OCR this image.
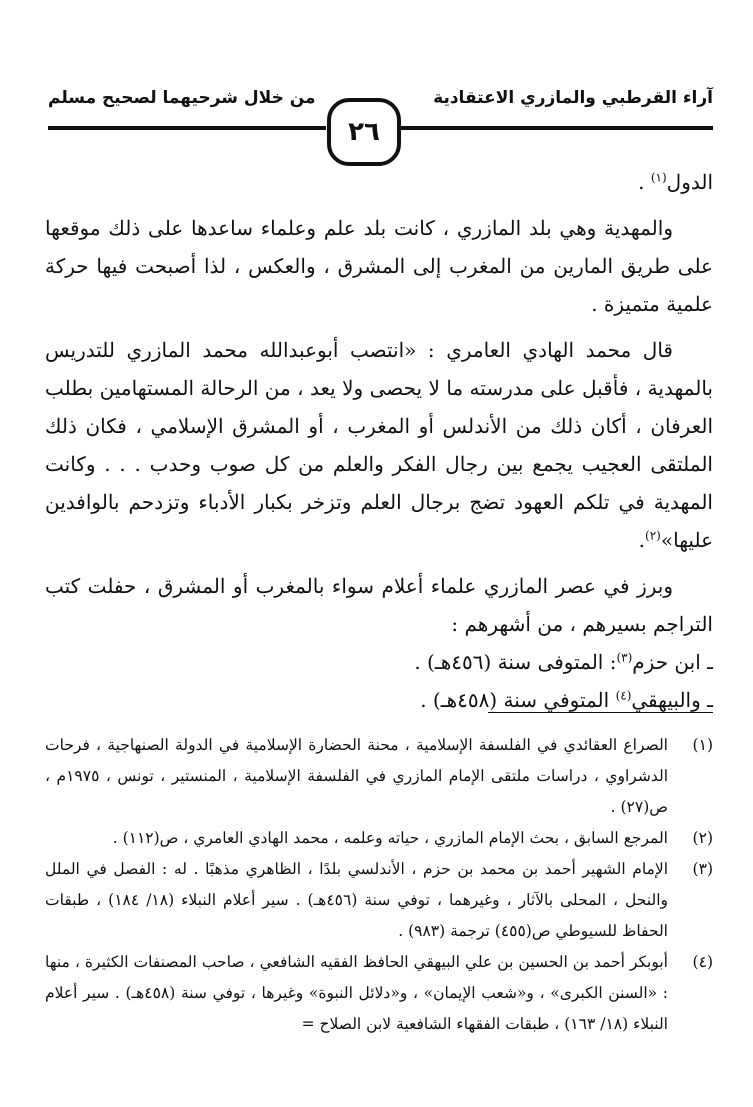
آراء القرطبي والمازري الاعتقادية
من خلال شرحيهما لصحيح مسلم
٢٦

الدول$^{(١)}$ .

والمهدية وهي بلد المازري ، كانت بلد علم وعلماء ساعدها على ذلك موقعها على طريق المارين من المغرب إلى المشرق ، والعكس ، لذا أصبحت فيها حركة علمية متميزة .

قال محمد الهادي العامري : «انتصب أبوعبدالله محمد المازري للتدريس بالمهدية ، فأقبل على مدرسته ما لا يحصى ولا يعد ، من الرحالة المستهامين بطلب العرفان ، أكان ذلك من الأندلس أو المغرب ، أو المشرق الإسلامي ، فكان ذلك الملتقى العجيب يجمع بين رجال الفكر والعلم من كل صوب وحدب . . . وكانت المهدية في تلكم العهود تضج برجال العلم وتزخر بكبار الأدباء وتزدحم بالوافدين عليها»$^{(٢)}$.

وبرز في عصر المازري علماء أعلام سواء بالمغرب أو المشرق ، حفلت كتب التراجم بسيرهم ، من أشهرهم :

ـ ابن حزم$^{(٣)}$: المتوفى سنة (٤٥٦هـ) .

ـ والبيهقي$^{(٤)}$ المتوفي سنة (٤٥٨هـ) .

(١)
الصراع العقائدي في الفلسفة الإسلامية ، محنة الحضارة الإسلامية في الدولة الصنهاجية ، فرحات الدشراوي ، دراسات ملتقى الإمام المازري في الفلسفة الإسلامية ، المنستير ، تونس ، ١٩٧٥م ، ص(٢٧) .

(٢)
المرجع السابق ، بحث الإمام المازري ، حياته وعلمه ، محمد الهادي العامري ، ص(١١٢) .

(٣)
الإمام الشهير أحمد بن محمد بن حزم ، الأندلسي بلدًا ، الظاهري مذهبًا . له : الفصل في الملل والنحل ، المحلى بالآثار ، وغيرهما ، توفي سنة (٤٥٦هـ) . سير أعلام النبلاء (١٨/ ١٨٤) ، طبقات الحفاظ للسيوطي ص(٤٥٥) ترجمة (٩٨٣) .

(٤)
أبوبكر أحمد بن الحسين بن علي البيهقي الحافظ الفقيه الشافعي ، صاحب المصنفات الكثيرة ، منها : «السنن الكبرى» ، و«شعب الإيمان» ، و«دلائل النبوة» وغيرها ، توفي سنة (٤٥٨هـ) . سير أعلام النبلاء (١٨/ ١٦٣) ، طبقات الفقهاء الشافعية لابن الصلاح =
